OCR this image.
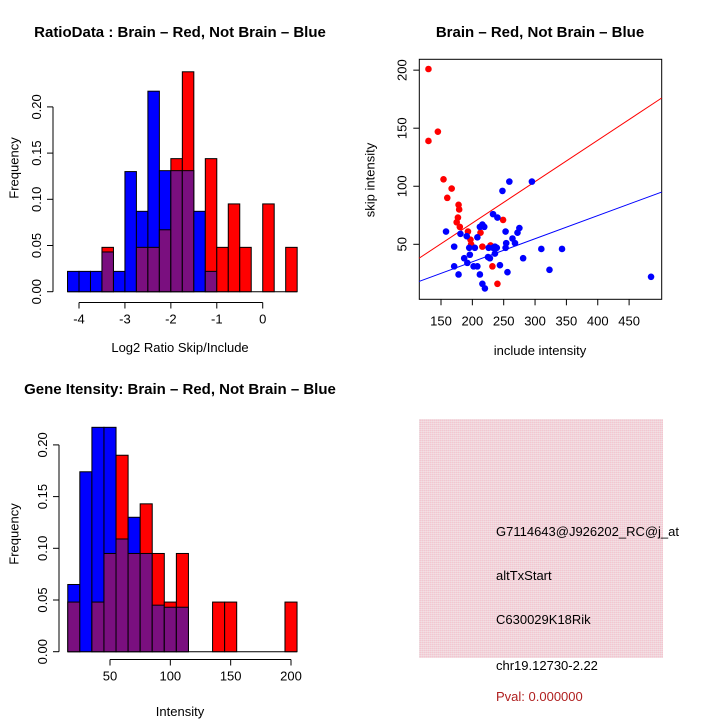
0.00
0.05
0.10
0.15
0.20
-4	-3	-2	-1	0
RatioData : Brain – Red, Not Brain – Blue
Log2 Ratio Skip/Include
Frequency
150 200 250 300 350 400 450
50
100
150
200
Brain – Red, Not Brain – Blue
include intensity
skip intensity
0.00
0.05
0.10
0.15
0.20
50	100	150	200
Gene Itensity: Brain – Red, Not Brain – Blue
Intensity
Frequency	G7114643@J926202_RC@j_at
altTxStart
C630029K18Rik
chr19.12730-2.22
Pval: 0.000000
